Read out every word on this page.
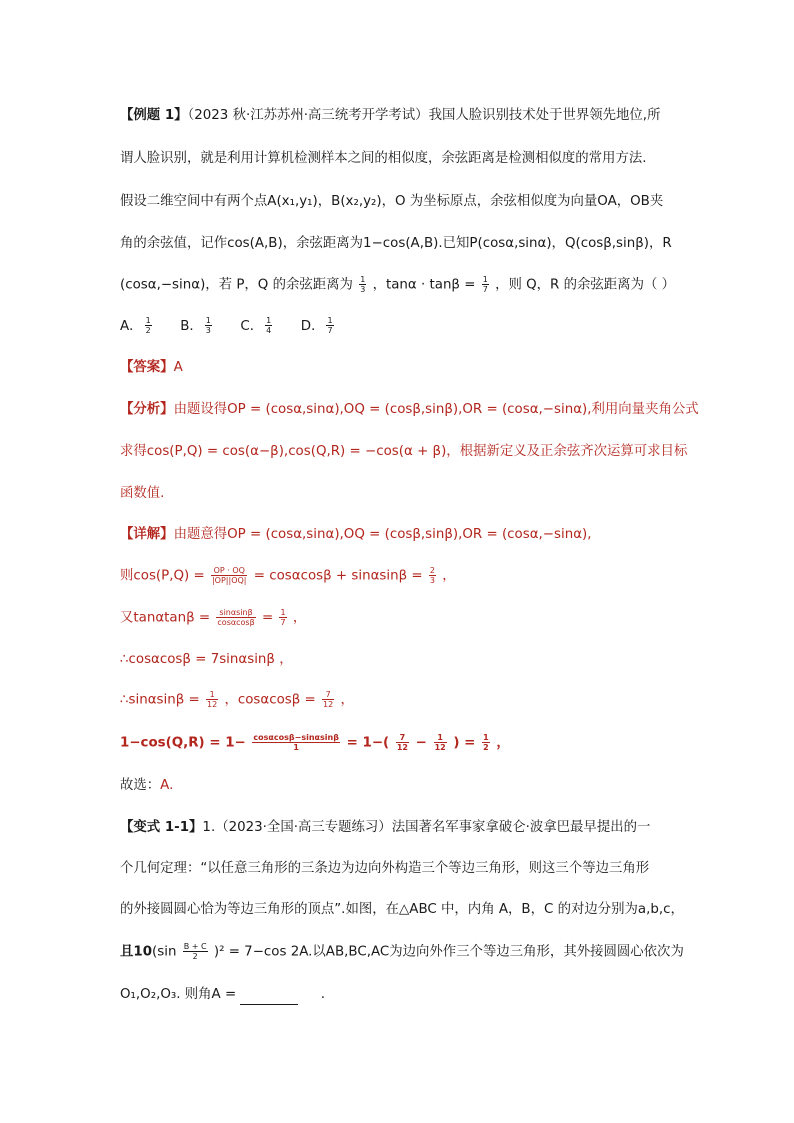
【例题 1】（2023 秋·江苏苏州·高三统考开学考试）我国人脸识别技术处于世界领先地位,所
谓人脸识别，就是利用计算机检测样本之间的相似度，余弦距离是检测相似度的常用方法.
假设二维空间中有两个点A(x₁,y₁)，B(x₂,y₂)，O 为坐标原点，余弦相似度为向量OA，OB夹
角的余弦值，记作cos(A,B)，余弦距离为1−cos(A,B).已知P(cosα,sinα)，Q(cosβ,sinβ)，R
(cosα,−sinα)，若 P，Q 的余弦距离为 $\frac{1}{3}$ ，$\tan\alpha \cdot \tan\beta = \frac{1}{7}$ ，则 Q，R 的余弦距离为（ ）
A． $\frac{1}{2}$ B． $\frac{1}{3}$ C． $\frac{1}{4}$ D． $\frac{1}{7}$
【答案】A
【分析】由题设得OP = (cosα,sinα),OQ = (cosβ,sinβ),OR = (cosα,−sinα),利用向量夹角公式
求得cos(P,Q) = cos(α−β),cos(Q,R) = −cos(α + β)，根据新定义及正余弦齐次运算可求目标
函数值.
【详解】由题意得OP = (cosα,sinα),OQ = (cosβ,sinβ),OR = (cosα,−sinα),
则$\cos(P,Q) = \frac{OP \cdot OQ}{|OP||OQ|} = \cos\alpha\cos\beta + \sin\alpha\sin\beta = \frac{2}{3}$ ，
又$\tan\alpha\tan\beta = \frac{\sin\alpha\sin\beta}{\cos\alpha\cos\beta} = \frac{1}{7}$ ，
∴cosαcosβ = 7sinαsinβ ，
∴sinαsinβ = $\frac{1}{12}$ ，$\cos\alpha\cos\beta = \frac{7}{12}$ ，
$1-\cos(Q,R) = 1- \frac{\cos\alpha\cos\beta-\sin\alpha\sin\beta}{1} = 1-( \frac{7}{12} - \frac{1}{12}$ ) = $\frac{1}{2}$ ，
故选：A.
【变式 1-1】1.（2023·全国·高三专题练习）法国著名军事家拿破仑·波拿巴最早提出的一
个几何定理：“以任意三角形的三条边为边向外构造三个等边三角形，则这三个等边三角形
的外接圆圆心恰为等边三角形的顶点”.如图，在△ABC 中，内角 A，B，C 的对边分别为a,b,c，
且$10(\sin \frac{B + C}{2} )^2 = 7-\cos$ 2A.以AB,BC,AC为边向外作三个等边三角形，其外接圆圆心依次为
O₁,O₂,O₃. 则角A =	.
